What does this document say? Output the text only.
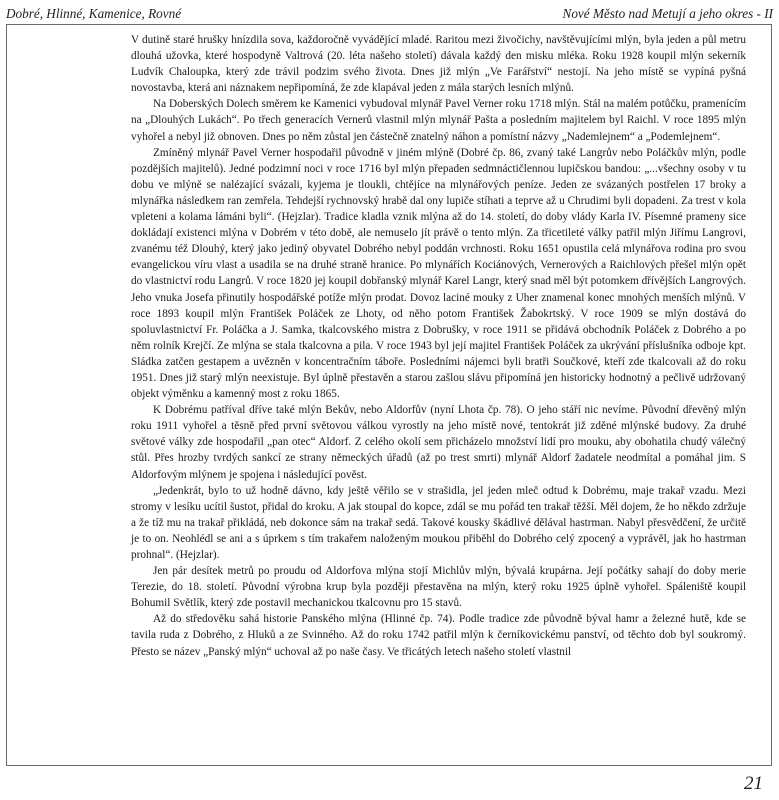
Dobré, Hlinné, Kamenice, Rovné	Nové Město nad Metují a jeho okres - II

V dutině staré hrušky hnízdila sova, každoročně vyvádějící mladé. Raritou mezi živočichy, navštěvujícími mlýn, byla jeden a půl metru dlouhá užovka, které hospodyně Valtrová (20. léta našeho století) dávala každý den misku mléka. Roku 1928 koupil mlýn sekerník Ludvík Chaloupka, který zde trávil podzim svého života. Dnes již mlýn „Ve Farářství“ nestojí. Na jeho místě se vypíná pyšná novostavba, která ani náznakem nepřipomíná, že zde klapával jeden z mála starých lesních mlýnů.

Na Doberských Dolech směrem ke Kamenici vybudoval mlynář Pavel Verner roku 1718 mlýn. Stál na malém potůčku, pramenícím na „Dlouhých Lukách“. Po třech generacích Vernerů vlastnil mlýn mlynář Pašta a posledním majitelem byl Raichl. V roce 1895 mlýn vyhořel a nebyl již obnoven. Dnes po něm zůstal jen částečně znatelný náhon a pomístní názvy „Nademlejnem“ a „Podemlejnem“.

Zmíněný mlynář Pavel Verner hospodařil původně v jiném mlýně (Dobré čp. 86, zvaný také Langrův nebo Poláčkův mlýn, podle pozdějších majitelů). Jedné podzimní noci v roce 1716 byl mlýn přepaden sedmnáctičlennou lupičskou bandou: „...všechny osoby v tu dobu ve mlýně se nalézající svázali, kyjema je tloukli, chtějíce na mlynářových peníze. Jeden ze svázaných postřelen 17 broky a mlynářka následkem ran zemřela. Tehdejší rychnovský hrabě dal ony lupiče stíhati a teprve až u Chrudimi byli dopadeni. Za trest v kola vpleteni a kolama lámáni byli“. (Hejzlar). Tradice kladla vznik mlýna až do 14. století, do doby vlády Karla IV. Písemné prameny sice dokládají existenci mlýna v Dobrém v této době, ale nemuselo jít právě o tento mlýn. Za třicetileté války patřil mlýn Jiřímu Langrovi, zvanému též Dlouhý, který jako jediný obyvatel Dobrého nebyl poddán vrchnosti. Roku 1651 opustila celá mlynářova rodina pro svou evangelickou víru vlast a usadila se na druhé straně hranice. Po mlynářích Kociánových, Vernerových a Raichlových přešel mlýn opět do vlastnictví rodu Langrů. V roce 1820 jej koupil dobřanský mlynář Karel Langr, který snad měl být potomkem dřívějších Langrových. Jeho vnuka Josefa přinutily hospodářské potíže mlýn prodat. Dovoz laciné mouky z Uher znamenal konec mnohých menších mlýnů. V roce 1893 koupil mlýn František Poláček ze Lhoty, od něho potom František Žabokrtský. V roce 1909 se mlýn dostává do spoluvlastnictví Fr. Poláčka a J. Samka, tkalcovského mistra z Dobrušky, v roce 1911 se přidává obchodník Poláček z Dobrého a po něm rolník Krejčí. Ze mlýna se stala tkalcovna a pila. V roce 1943 byl její majitel František Poláček za ukrývání příslušníka odboje kpt. Sládka zatčen gestapem a uvězněn v koncentračním táboře. Posledními nájemci byli bratři Součkové, kteří zde tkalcovali až do roku 1951. Dnes již starý mlýn neexistuje. Byl úplně přestavěn a starou zašlou slávu připomíná jen historicky hodnotný a pečlivě udržovaný objekt výměnku a kamenný most z roku 1865.

K Dobrému patříval dříve také mlýn Bekův, nebo Aldorfův (nyní Lhota čp. 78). O jeho stáří nic nevíme. Původní dřevěný mlýn roku 1911 vyhořel a těsně před první světovou válkou vyrostly na jeho místě nové, tentokrát již zděné mlýnské budovy. Za druhé světové války zde hospodařil „pan otec“ Aldorf. Z celého okolí sem přicházelo množství lidí pro mouku, aby obohatila chudý válečný stůl. Přes hrozby tvrdých sankcí ze strany německých úřadů (až po trest smrti) mlynář Aldorf žadatele neodmítal a pomáhal jim. S Aldorfovým mlýnem je spojena i následující pověst.

„Jedenkrát, bylo to už hodně dávno, kdy ještě věřilo se v strašidla, jel jeden mleč odtud k Dobrému, maje trakař vzadu. Mezi stromy v lesíku ucítil šustot, přidal do kroku. A jak stoupal do kopce, zdál se mu pořád ten trakař těžší. Měl dojem, že ho někdo zdržuje a že tíž mu na trakař přikládá, neb dokonce sám na trakař sedá. Takové kousky škádlivé dělával hastrman. Nabyl přesvědčení, že určitě je to on. Neohlédl se ani a s úprkem s tím trakařem naloženým moukou přiběhl do Dobrého celý zpocený a vyprávěl, jak ho hastrman prohnal“. (Hejzlar).

Jen pár desítek metrů po proudu od Aldorfova mlýna stojí Michlův mlýn, bývalá krupárna. Její počátky sahají do doby merie Terezie, do 18. století. Původní výrobna krup byla později přestavěna na mlýn, který roku 1925 úplně vyhořel. Spáleniště koupil Bohumil Světlík, který zde postavil mechanickou tkalcovnu pro 15 stavů.

Až do středověku sahá historie Panského mlýna (Hlinné čp. 74). Podle tradice zde původně býval hamr a železné hutě, kde se tavila ruda z Dobrého, z Hluků a ze Svinného. Až do roku 1742 patřil mlýn k černíkovickému panství, od těchto dob byl soukromý. Přesto se název „Panský mlýn“ uchoval až po naše časy. Ve třicátých letech našeho století vlastnil

21
